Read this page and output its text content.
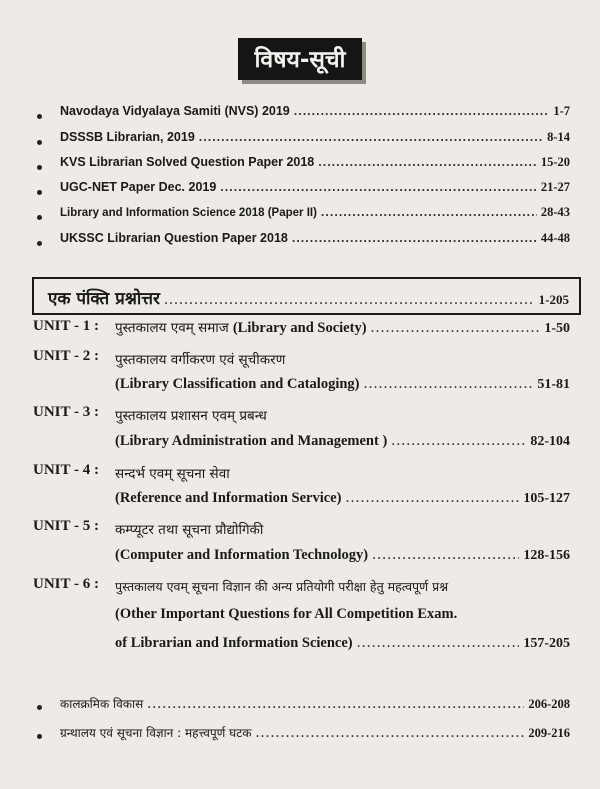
विषय-सूची
Navodaya Vidyalaya Samiti (NVS) 2019 .....	1-7
DSSSB Librarian, 2019 .....	8-14
KVS Librarian Solved Question Paper 2018 .....	15-20
UGC-NET Paper Dec. 2019 .....	21-27
Library and Information Science 2018 (Paper II) .....	28-43
UKSSC Librarian Question Paper 2018 .....	44-48
एक पंक्ति प्रश्नोत्तर .....	1-205
UNIT - 1 : पुस्तकालय एवम् समाज (Library and Society) .....	1-50
UNIT - 2 : पुस्तकालय वर्गीकरण एवं सूचीकरण
(Library Classification and Cataloging) .....	51-81
UNIT - 3 : पुस्तकालय प्रशासन एवम् प्रबन्ध
(Library Administration and Management ) .....	82-104
UNIT - 4 : सन्दर्भ एवम् सूचना सेवा
(Reference and Information Service) .....	105-127
UNIT - 5 : कम्प्यूटर तथा सूचना प्रौद्योगिकी
(Computer and Information Technology) .....	128-156
UNIT - 6 : पुस्तकालय एवम् सूचना विज्ञान की अन्य प्रतियोगी परीक्षा हेतु महत्वपूर्ण प्रश्न
(Other Important Questions for All Competition Exam.
of Librarian and Information Science) .....	157-205
कालक्रमिक विकास .....	206-208
ग्रन्थालय एवं सूचना विज्ञान : महत्त्वपूर्ण घटक .....	209-216
